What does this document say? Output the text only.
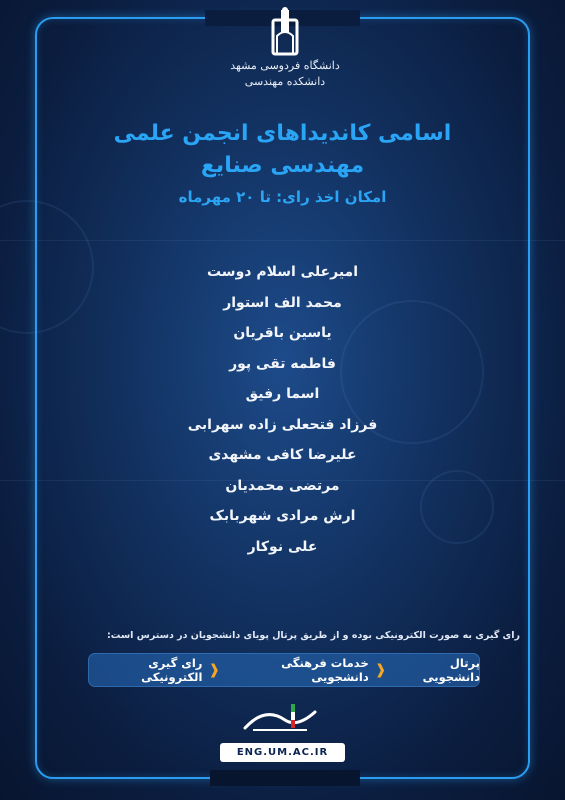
دانشگاه فردوسی مشهد
دانشکده مهندسی
اسامی کاندیداهای انجمن علمی
مهندسی صنایع
امکان اخذ رای: تا ۲۰ مهرماه
امیرعلی اسلام دوست
محمد الف استوار
یاسین باقریان
فاطمه تقی پور
اسما رفیق
فرزاد فتحعلی زاده سهرابی
علیرضا کافی مشهدی
مرتضی محمدیان
ارش مرادی شهربابک
علی نوکار
رای گیری به صورت الکترونیکی بوده و از طریق پرتال پویای دانشجویان در دسترس است:
پرتال دانشجویی
❰
خدمات فرهنگی دانشجویی
❰
رای گیری الکترونیکی
ENG.UM.AC.IR
